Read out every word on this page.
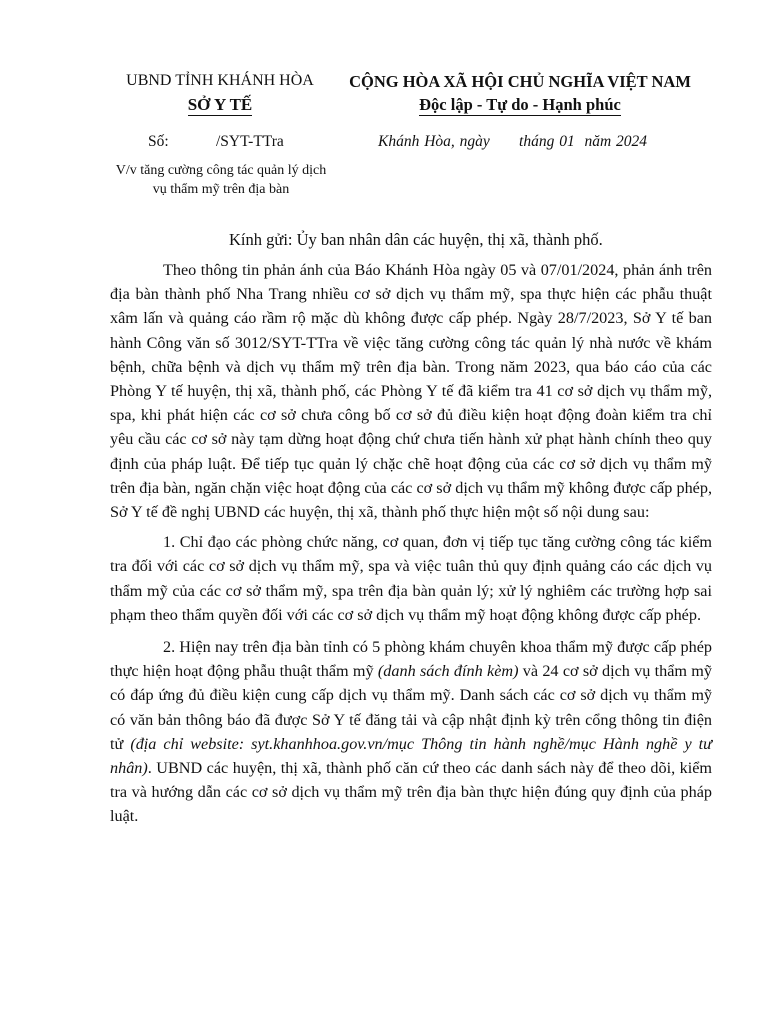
UBND TỈNH KHÁNH HÒA
SỞ Y TẾ
CỘNG HÒA XÃ HỘI CHỦ NGHĨA VIỆT NAM
Độc lập - Tự do - Hạnh phúc
Số:	/SYT-TTra	Khánh Hòa, ngày      tháng 01  năm 2024
V/v tăng cường công tác quản lý dịch vụ thẩm mỹ trên địa bàn
Kính gửi: Ủy ban nhân dân các huyện, thị xã, thành phố.

Theo thông tin phản ánh của Báo Khánh Hòa ngày 05 và 07/01/2024, phản ánh trên địa bàn thành phố Nha Trang nhiều cơ sở dịch vụ thẩm mỹ, spa thực hiện các phẫu thuật xâm lấn và quảng cáo rầm rộ mặc dù không được cấp phép. Ngày 28/7/2023, Sở Y tế ban hành Công văn số 3012/SYT-TTra về việc tăng cường công tác quản lý nhà nước về khám bệnh, chữa bệnh và dịch vụ thẩm mỹ trên địa bàn. Trong năm 2023, qua báo cáo của các Phòng Y tế huyện, thị xã, thành phố, các Phòng Y tế đã kiểm tra 41 cơ sở dịch vụ thẩm mỹ, spa, khi phát hiện các cơ sở chưa công bố cơ sở đủ điều kiện hoạt động đoàn kiểm tra chỉ yêu cầu các cơ sở này tạm dừng hoạt động chứ chưa tiến hành xử phạt hành chính theo quy định của pháp luật. Để tiếp tục quản lý chặc chẽ hoạt động của các cơ sở dịch vụ thẩm mỹ trên địa bàn, ngăn chặn việc hoạt động của các cơ sở dịch vụ thẩm mỹ không được cấp phép, Sở Y tế đề nghị UBND các huyện, thị xã, thành phố thực hiện một số nội dung sau:

1. Chỉ đạo các phòng chức năng, cơ quan, đơn vị tiếp tục tăng cường công tác kiểm tra đối với các cơ sở dịch vụ thẩm mỹ, spa và việc tuân thủ quy định quảng cáo các dịch vụ thẩm mỹ của các cơ sở thẩm mỹ, spa trên địa bàn quản lý; xử lý nghiêm các trường hợp sai phạm theo thẩm quyền đối với các cơ sở dịch vụ thẩm mỹ hoạt động không được cấp phép.

2. Hiện nay trên địa bàn tỉnh có 5 phòng khám chuyên khoa thẩm mỹ được cấp phép thực hiện hoạt động phẫu thuật thẩm mỹ (danh sách đính kèm) và 24 cơ sở dịch vụ thẩm mỹ có đáp ứng đủ điều kiện cung cấp dịch vụ thẩm mỹ. Danh sách các cơ sở dịch vụ thẩm mỹ có văn bản thông báo đã được Sở Y tế đăng tải và cập nhật định kỳ trên cổng thông tin điện tử (địa chỉ website: syt.khanhhoa.gov.vn/mục Thông tin hành nghề/mục Hành nghề y tư nhân). UBND các huyện, thị xã, thành phố căn cứ theo các danh sách này để theo dõi, kiểm tra và hướng dẫn các cơ sở dịch vụ thẩm mỹ trên địa bàn thực hiện đúng quy định của pháp luật.
